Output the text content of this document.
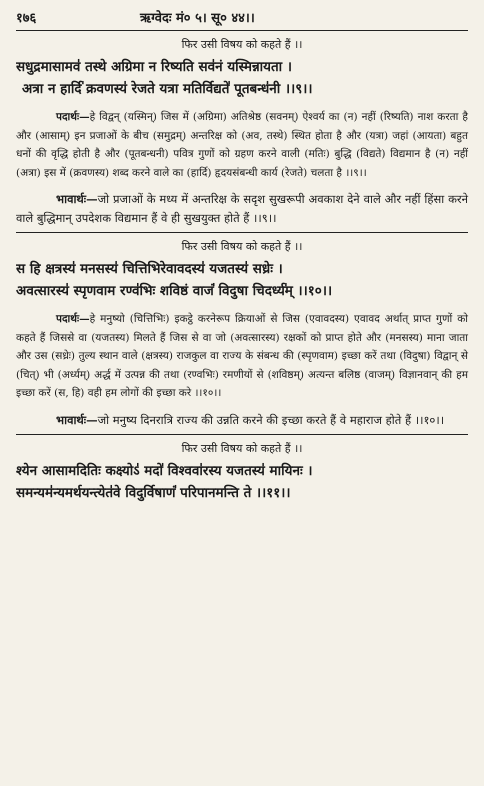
१७६	ऋग्वेदः मं० ५। सू० ४४।।
फिर उसी विषय को कहते हैं ।।
सधुद्रमासामव॑ तस्थे अग्रिमा न रिष्यति सव॑नं यस्मिन्नायता ।
अत्रा न हार्दि॑ क्रवणस्य॑ रेजते यत्रा मतिर्विद्यते॑ पूतबन्ध॑नी ।।९।।

पदार्थः—हे विद्वन् (यस्मिन्) जिस में (अग्रिमा) अतिश्रेष्ठ (सवनम्) ऐश्वर्य का (न) नहीं (रिष्यति) नाश करता है और (आसाम्) इन प्रजाओं के बीच (समुद्रम्) अन्तरिक्ष को (अव, तस्थे) स्थित होता है और (यत्रा) जहां (आयता) बहुत धनों की वृद्धि होती है और (पूतबन्धनी) पवित्र गुणों को ग्रहण करने वाली (मतिः) बुद्धि (विद्यते) विद्यमान है (न) नहीं (अत्रा) इस में (क्रवणस्य) शब्द करने वाले का (हार्दि) हृदयसंबन्धी कार्य (रेजते) चलता है ।।९।।

भावार्थः—जो प्रजाओं के मध्य में अन्तरिक्ष के सदृश सुखरूपी अवकाश देने वाले और नहीं हिंसा करने वाले बुद्धिमान् उपदेशक विद्यमान हैं वे ही सुखयुक्त होते हैं ।।९।।

फिर उसी विषय को कहते हैं ।।
स हि क्षत्रस्य॑ मनसस्य॑ चित्तिभिरेवावदस्य॑ यजतस्य॑ सध्रेः ।
अवत्सारस्य॑ स्पृणवाम रण्व॑भिः शविष्ठं वाजं॑ विदुषा चिदर्ध्य॑म् ।।१०।।

पदार्थः—हे मनुष्यो (चित्तिभिः) इकट्ठे करनेरूप क्रियाओं से जिस (एवावदस्य) एवावद अर्थात् प्राप्त गुणों को कहते हैं जिससे वा (यजतस्य) मिलते हैं जिस से वा जो (अवत्सारस्य) रक्षकों को प्राप्त होते और (मनसस्य) माना जाता और उस (सध्रेः) तुल्य स्थान वाले (क्षत्रस्य) राजकुल वा राज्य के संबन्ध की (स्पृणवाम) इच्छा करें तथा (विदुषा) विद्वान् से (चित्) भी (अर्ध्यम्) अर्द्ध में उत्पन्न की तथा (रण्वभिः) रमणीयों से (शविष्ठम्) अत्यन्त बलिष्ठ (वाजम्) विज्ञानवान् की हम इच्छा करें (स, हि) वही हम लोगों की इच्छा करे ।।१०।।

भावार्थः—जो मनुष्य दिनरात्रि राज्य की उन्नति करने की इच्छा करते हैं वे महाराज होते हैं ।।१०।।

फिर उसी विषय को कहते हैं ।।
श्येन आसामदितिः कक्ष्योऽ॑ मदो॑ विश्ववा॑रस्य यजतस्य॑ मायिनः ।
समन्यम॑न्यमर्थयन्त्येत॑वे विदुर्विषाणं॑ परिपानमन्ति ते ।।११।।
